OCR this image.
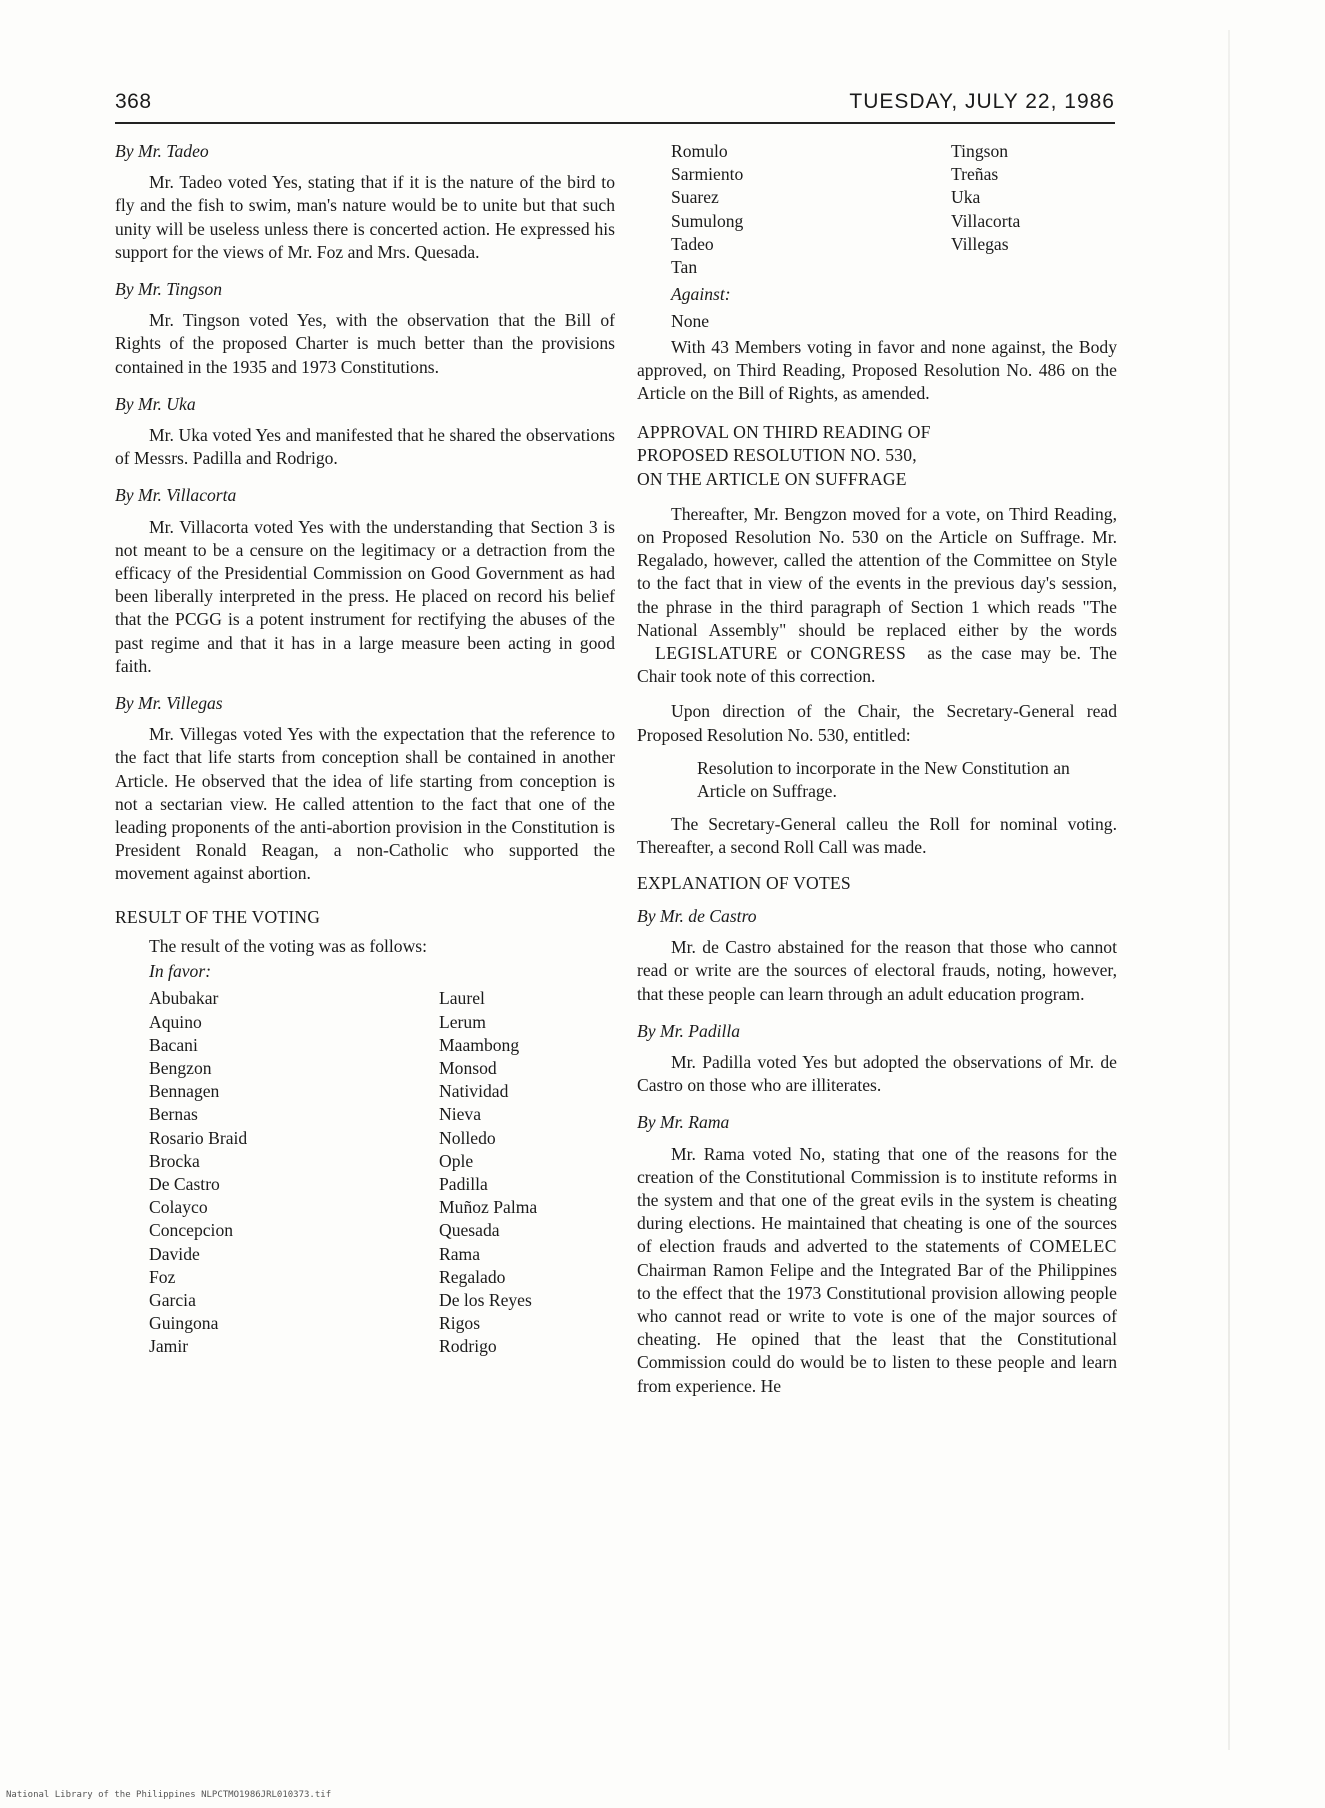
368	TUESDAY, JULY 22, 1986

By Mr. Tadeo

Mr. Tadeo voted Yes, stating that if it is the nature of the bird to fly and the fish to swim, man's nature would be to unite but that such unity will be useless unless there is concerted action. He expressed his support for the views of Mr. Foz and Mrs. Quesada.

By Mr. Tingson

Mr. Tingson voted Yes, with the observation that the Bill of Rights of the proposed Charter is much better than the provisions contained in the 1935 and 1973 Constitutions.

By Mr. Uka

Mr. Uka voted Yes and manifested that he shared the observations of Messrs. Padilla and Rodrigo.

By Mr. Villacorta

Mr. Villacorta voted Yes with the understanding that Section 3 is not meant to be a censure on the legitimacy or a detraction from the efficacy of the Presidential Commission on Good Government as had been liberally interpreted in the press. He placed on record his belief that the PCGG is a potent instrument for rectifying the abuses of the past regime and that it has in a large measure been acting in good faith.

By Mr. Villegas

Mr. Villegas voted Yes with the expectation that the reference to the fact that life starts from conception shall be contained in another Article. He observed that the idea of life starting from conception is not a sectarian view. He called attention to the fact that one of the leading proponents of the anti-abortion provision in the Constitution is President Ronald Reagan, a non-Catholic who supported the movement against abortion.

RESULT OF THE VOTING

The result of the voting was as follows:

In favor:

Abubakar
Aquino
Bacani
Bengzon
Bennagen
Bernas
Rosario Braid
Brocka
De Castro
Colayco
Concepcion
Davide
Foz
Garcia
Guingona
Jamir
Laurel
Lerum
Maambong
Monsod
Natividad
Nieva
Nolledo
Ople
Padilla
Muñoz Palma
Quesada
Rama
Regalado
De los Reyes
Rigos
Rodrigo
Romulo
Sarmiento
Suarez
Sumulong
Tadeo
Tan
Tingson
Treñas
Uka
Villacorta
Villegas

Against:

None

With 43 Members voting in favor and none against, the Body approved, on Third Reading, Proposed Resolution No. 486 on the Article on the Bill of Rights, as amended.

APPROVAL ON THIRD READING OF
PROPOSED RESOLUTION NO. 530,
ON THE ARTICLE ON SUFFRAGE

Thereafter, Mr. Bengzon moved for a vote, on Third Reading, on Proposed Resolution No. 530 on the Article on Suffrage. Mr. Regalado, however, called the attention of the Committee on Style to the fact that in view of the events in the previous day's session, the phrase in the third paragraph of Section 1 which reads "The National Assembly" should be replaced either by the words LEGISLATURE or CONGRESS as the case may be. The Chair took note of this correction.

Upon direction of the Chair, the Secretary-General read Proposed Resolution No. 530, entitled:

Resolution to incorporate in the New Constitution an Article on Suffrage.

The Secretary-General calleu the Roll for nominal voting. Thereafter, a second Roll Call was made.

EXPLANATION OF VOTES

By Mr. de Castro

Mr. de Castro abstained for the reason that those who cannot read or write are the sources of electoral frauds, noting, however, that these people can learn through an adult education program.

By Mr. Padilla

Mr. Padilla voted Yes but adopted the observations of Mr. de Castro on those who are illiterates.

By Mr. Rama

Mr. Rama voted No, stating that one of the reasons for the creation of the Constitutional Commission is to institute reforms in the system and that one of the great evils in the system is cheating during elections. He maintained that cheating is one of the sources of election frauds and adverted to the statements of COMELEC Chairman Ramon Felipe and the Integrated Bar of the Philippines to the effect that the 1973 Constitutional provision allowing people who cannot read or write to vote is one of the major sources of cheating. He opined that the least that the Constitutional Commission could do would be to listen to these people and learn from experience. He

National Library of the Philippines NLPCTMO1986JRL010373.tif
